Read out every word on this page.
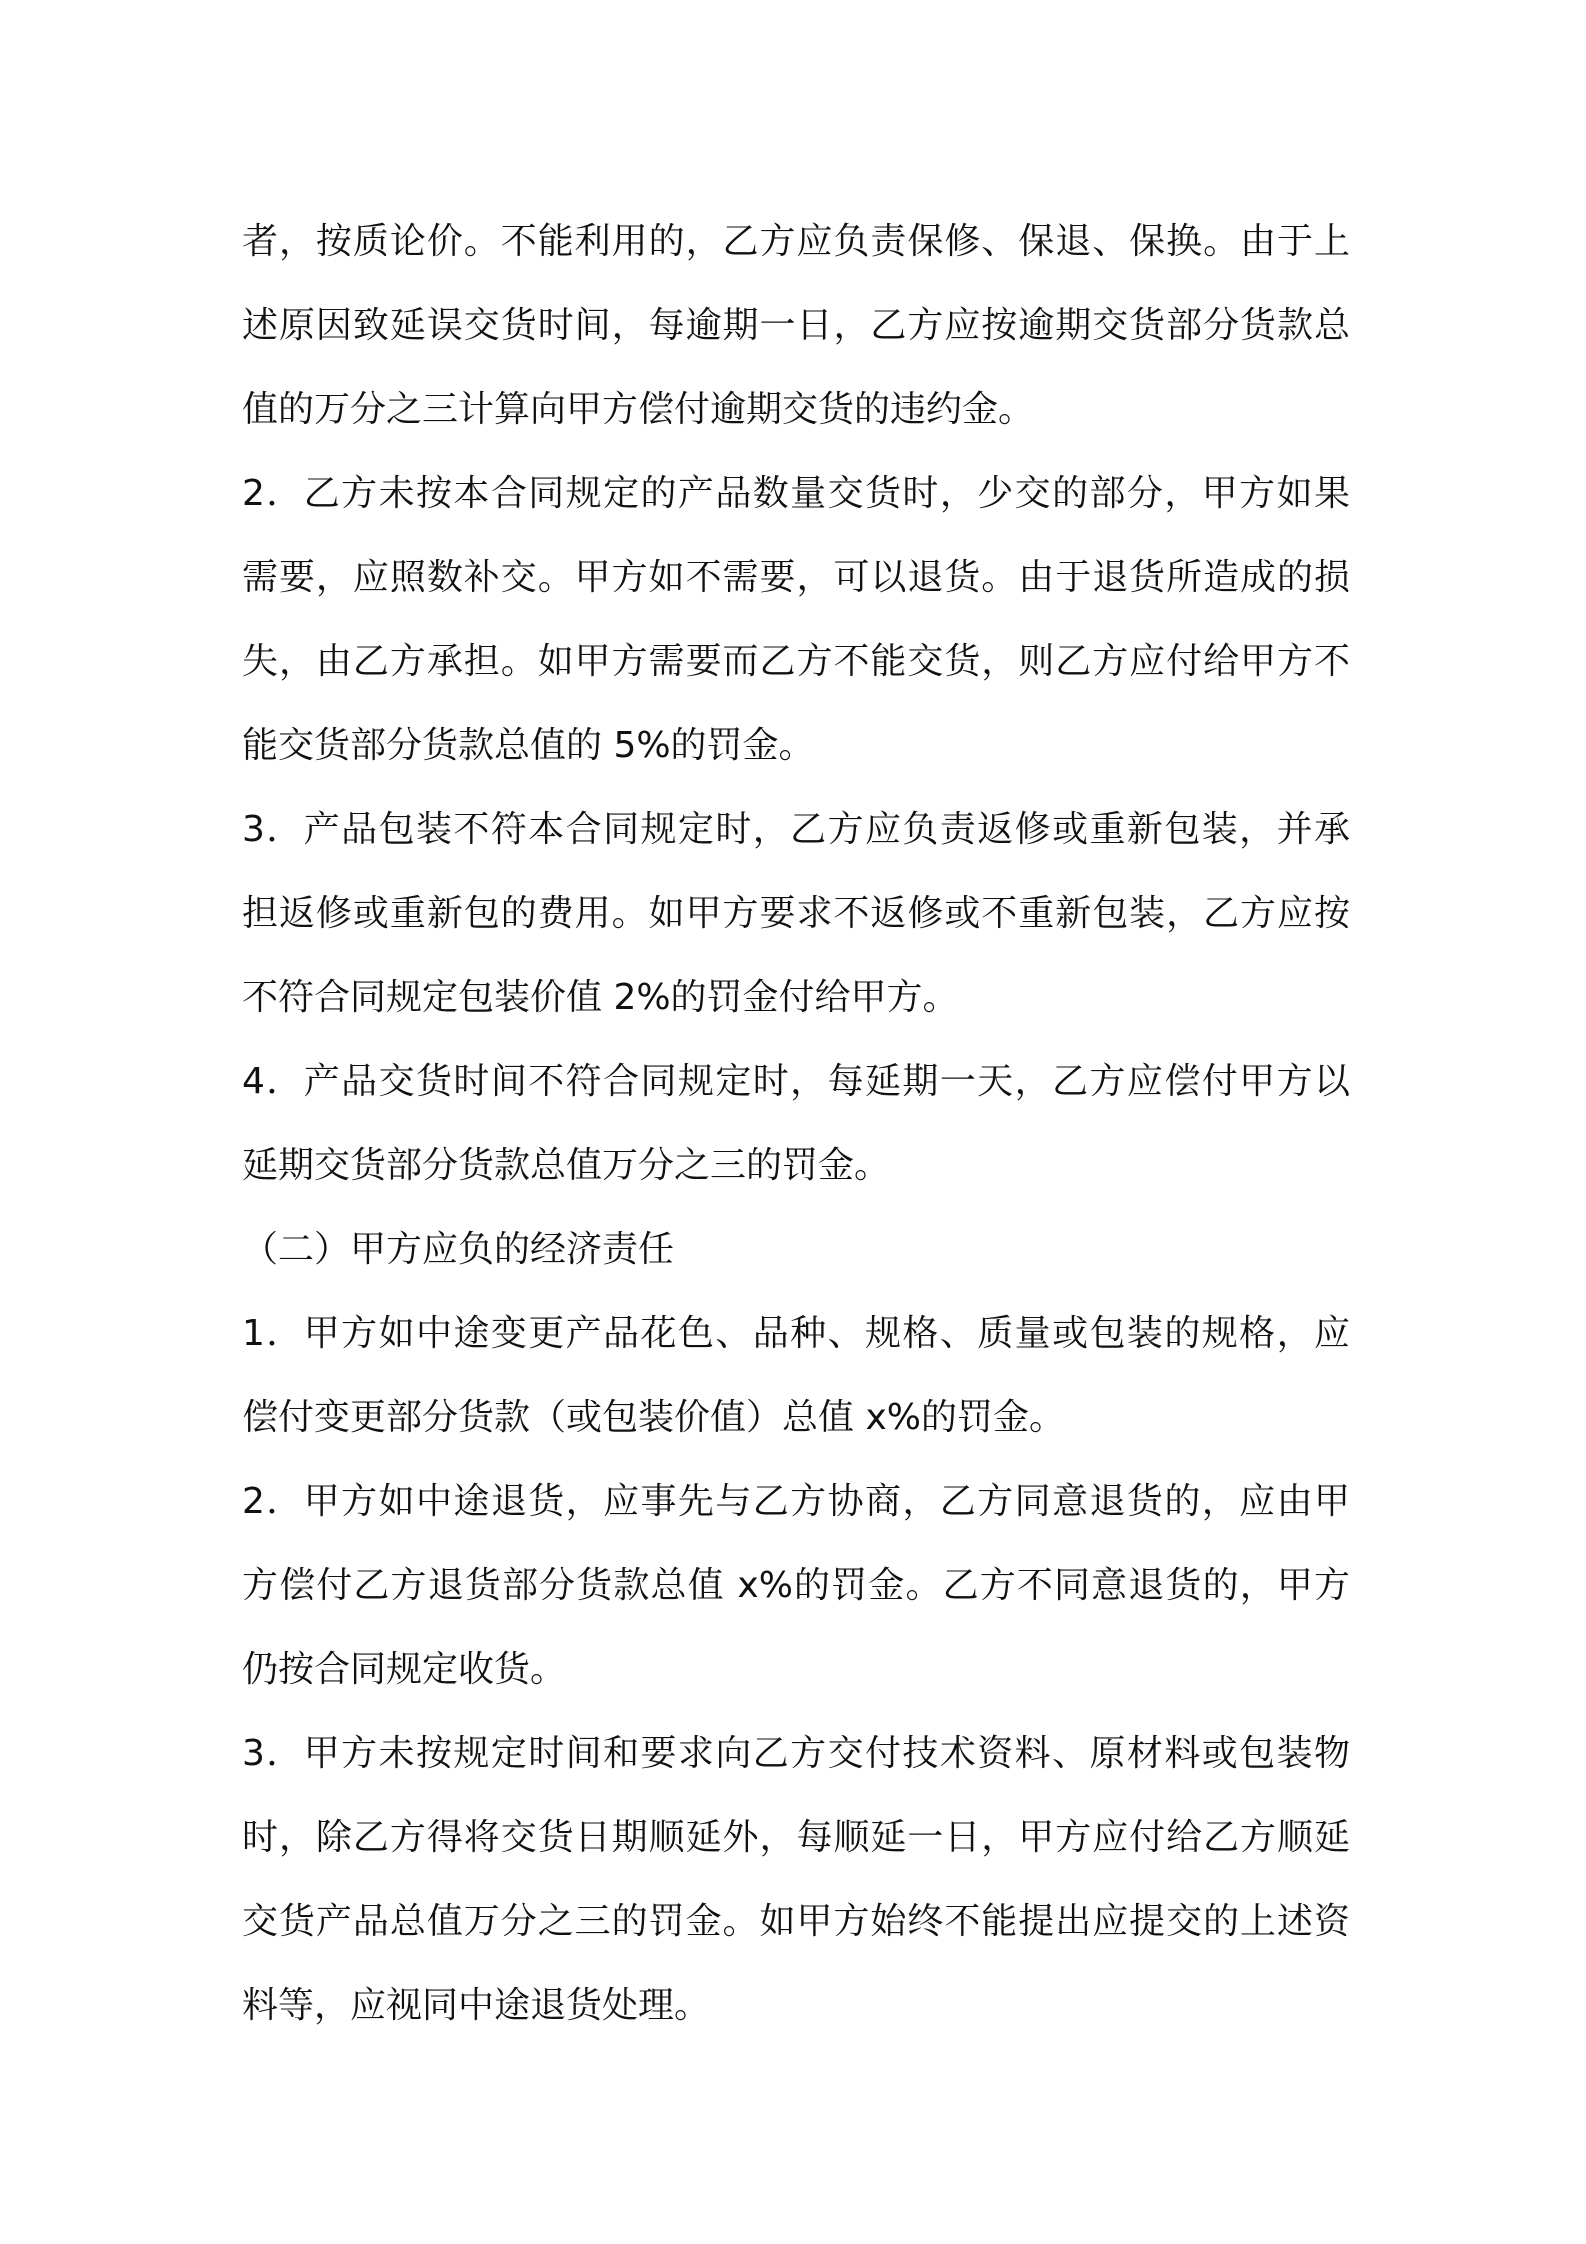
者，按质论价。不能利用的，乙方应负责保修、保退、保换。由于上
述原因致延误交货时间，每逾期一日，乙方应按逾期交货部分货款总
值的万分之三计算向甲方偿付逾期交货的违约金。
2．乙方未按本合同规定的产品数量交货时，少交的部分，甲方如果
需要，应照数补交。甲方如不需要，可以退货。由于退货所造成的损
失，由乙方承担。如甲方需要而乙方不能交货，则乙方应付给甲方不
能交货部分货款总值的 5%的罚金。
3．产品包装不符本合同规定时，乙方应负责返修或重新包装，并承
担返修或重新包的费用。如甲方要求不返修或不重新包装，乙方应按
不符合同规定包装价值 2%的罚金付给甲方。
4．产品交货时间不符合同规定时，每延期一天，乙方应偿付甲方以
延期交货部分货款总值万分之三的罚金。
（二）甲方应负的经济责任
1．甲方如中途变更产品花色、品种、规格、质量或包装的规格，应
偿付变更部分货款（或包装价值）总值 x%的罚金。
2．甲方如中途退货，应事先与乙方协商，乙方同意退货的，应由甲
方偿付乙方退货部分货款总值 x%的罚金。乙方不同意退货的，甲方
仍按合同规定收货。
3．甲方未按规定时间和要求向乙方交付技术资料、原材料或包装物
时，除乙方得将交货日期顺延外，每顺延一日，甲方应付给乙方顺延
交货产品总值万分之三的罚金。如甲方始终不能提出应提交的上述资
料等，应视同中途退货处理。
